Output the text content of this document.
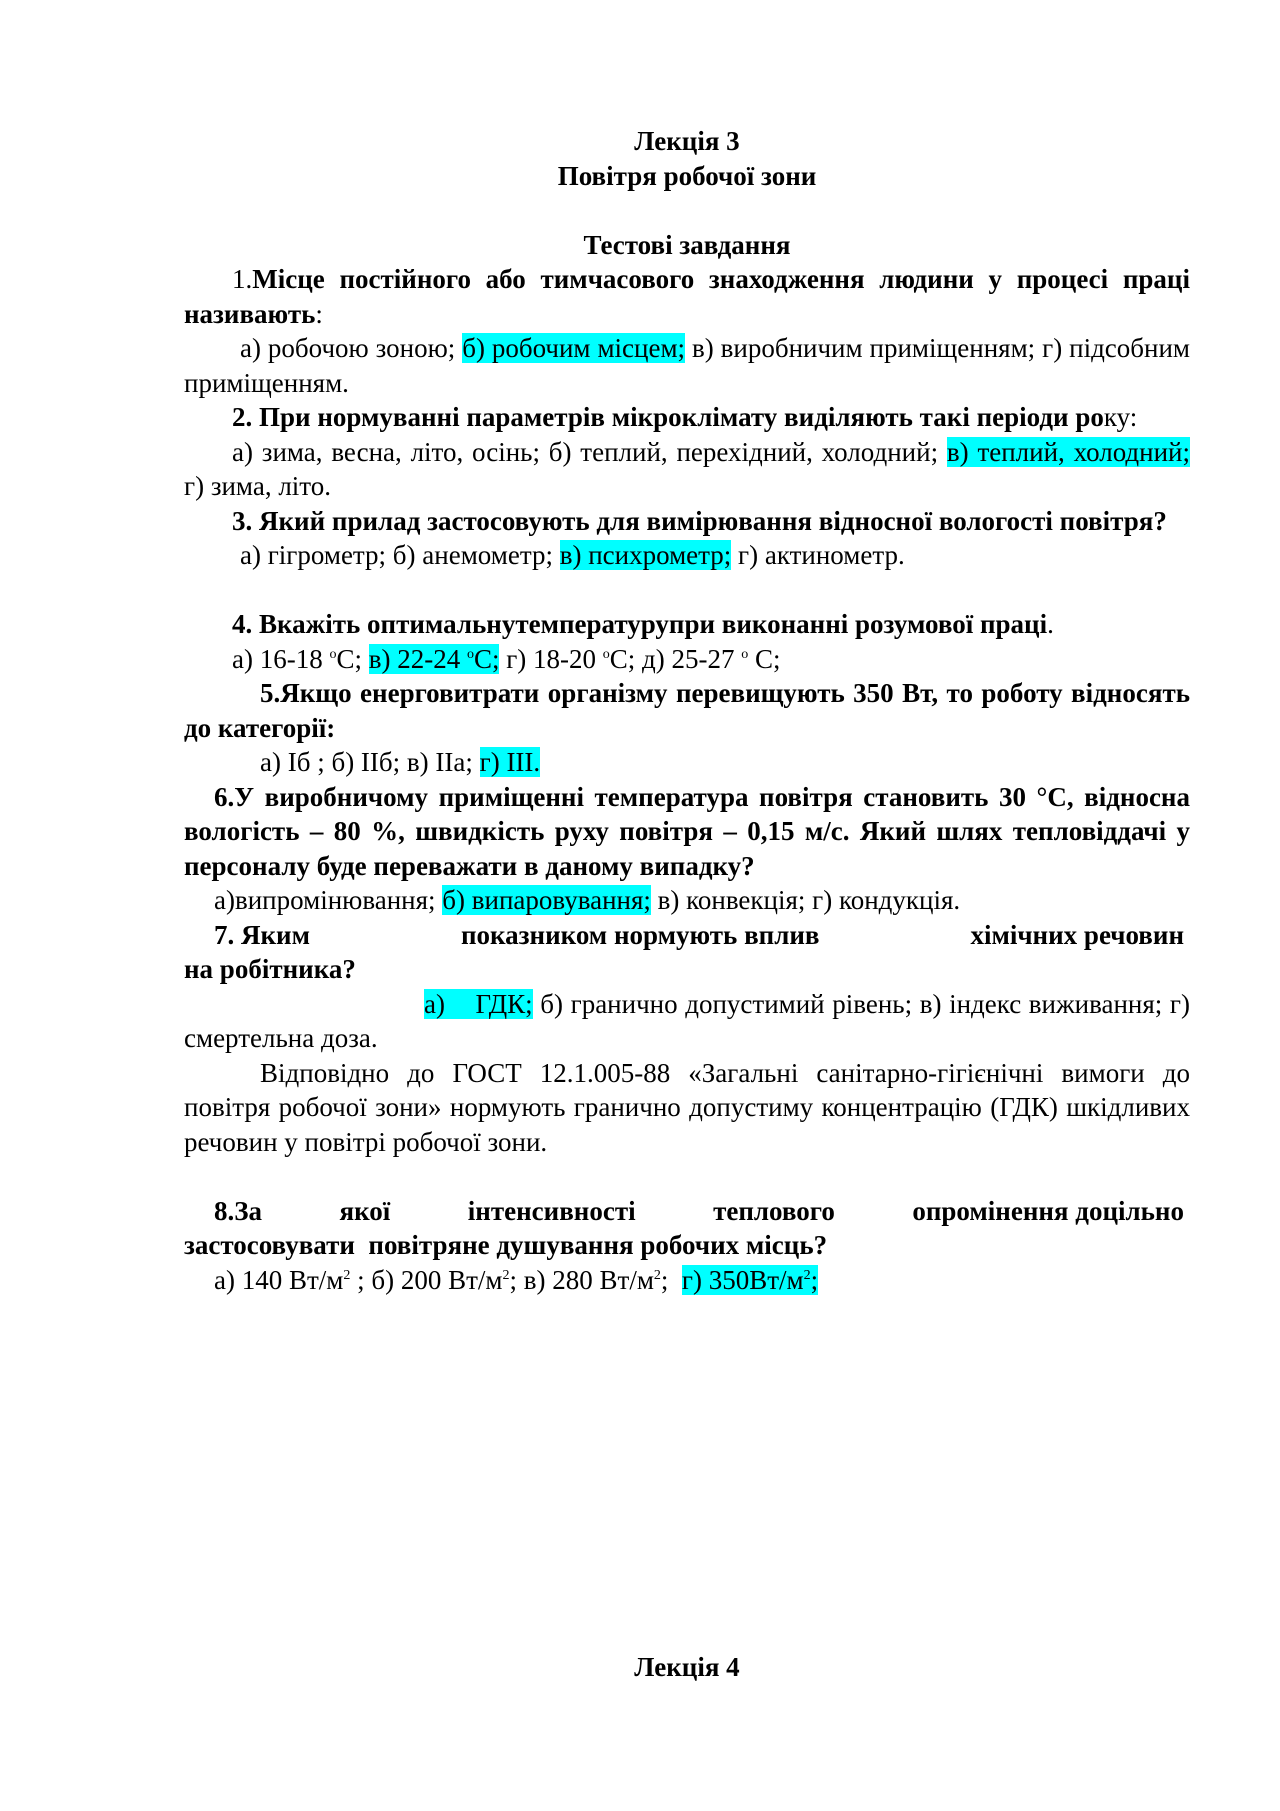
Лекція 3

Повітря робочої зони

Тестові завдання

1.Місце постійного або тимчасового знаходження людини у процесі праці називають:

а) робочою зоною; б) робочим місцем; в) виробничим приміщенням; г) підсобним приміщенням.

2. При нормуванні параметрів мікроклімату виділяють такі періоди року:

а) зима, весна, літо, осінь; б) теплий, перехідний, холодний; в) теплий, холодний; г) зима, літо.

3. Який прилад застосовують для вимірювання відносної вологості повітря?

а) гігрометр; б) анемометр; в) психрометр; г) актинометр.

4. Вкажіть оптимальнутемпературупри виконанні розумової праці.

а) 16-18 $^о$С; в) 22-24 $^о$С; г) 18-20 $^о$С; д) 25-27 $^о$ С;

5.Якщо енерговитрати організму перевищують 350 Вт, то роботу відносять до категорії:

а) Іб ; б) ІІб; в) ІІа; г) ІІІ.

6.У виробничому приміщенні температура повітря становить 30 °С, відносна вологість – 80 %, швидкість руху повітря – 0,15 м/с. Який шлях тепловіддачі у персоналу буде переважати в даному випадку?

а)випромінювання; б) випаровування; в) конвекція; г) кондукція.

7. Яким	показником нормують вплив	хімічних речовин

на робітника?

а)    ГДК; б) гранично допустимий рівень; в) індекс виживання; г) смертельна доза.

Відповідно до ГОСТ 12.1.005-88 «Загальні санітарно-гігієнічні вимоги до повітря робочої зони» нормують гранично допустиму концентрацію (ГДК) шкідливих речовин у повітрі робочої зони.

8.За	якої	інтенсивності	теплового	опромінення доцільно

застосовувати  повітряне душування робочих місць?

а) 140 $Вт/м^2$ ; б) 200 $Вт/м^2$; в) 280 $Вт/м^2$;  г) $350Вт/м^2$;

Лекція 4
